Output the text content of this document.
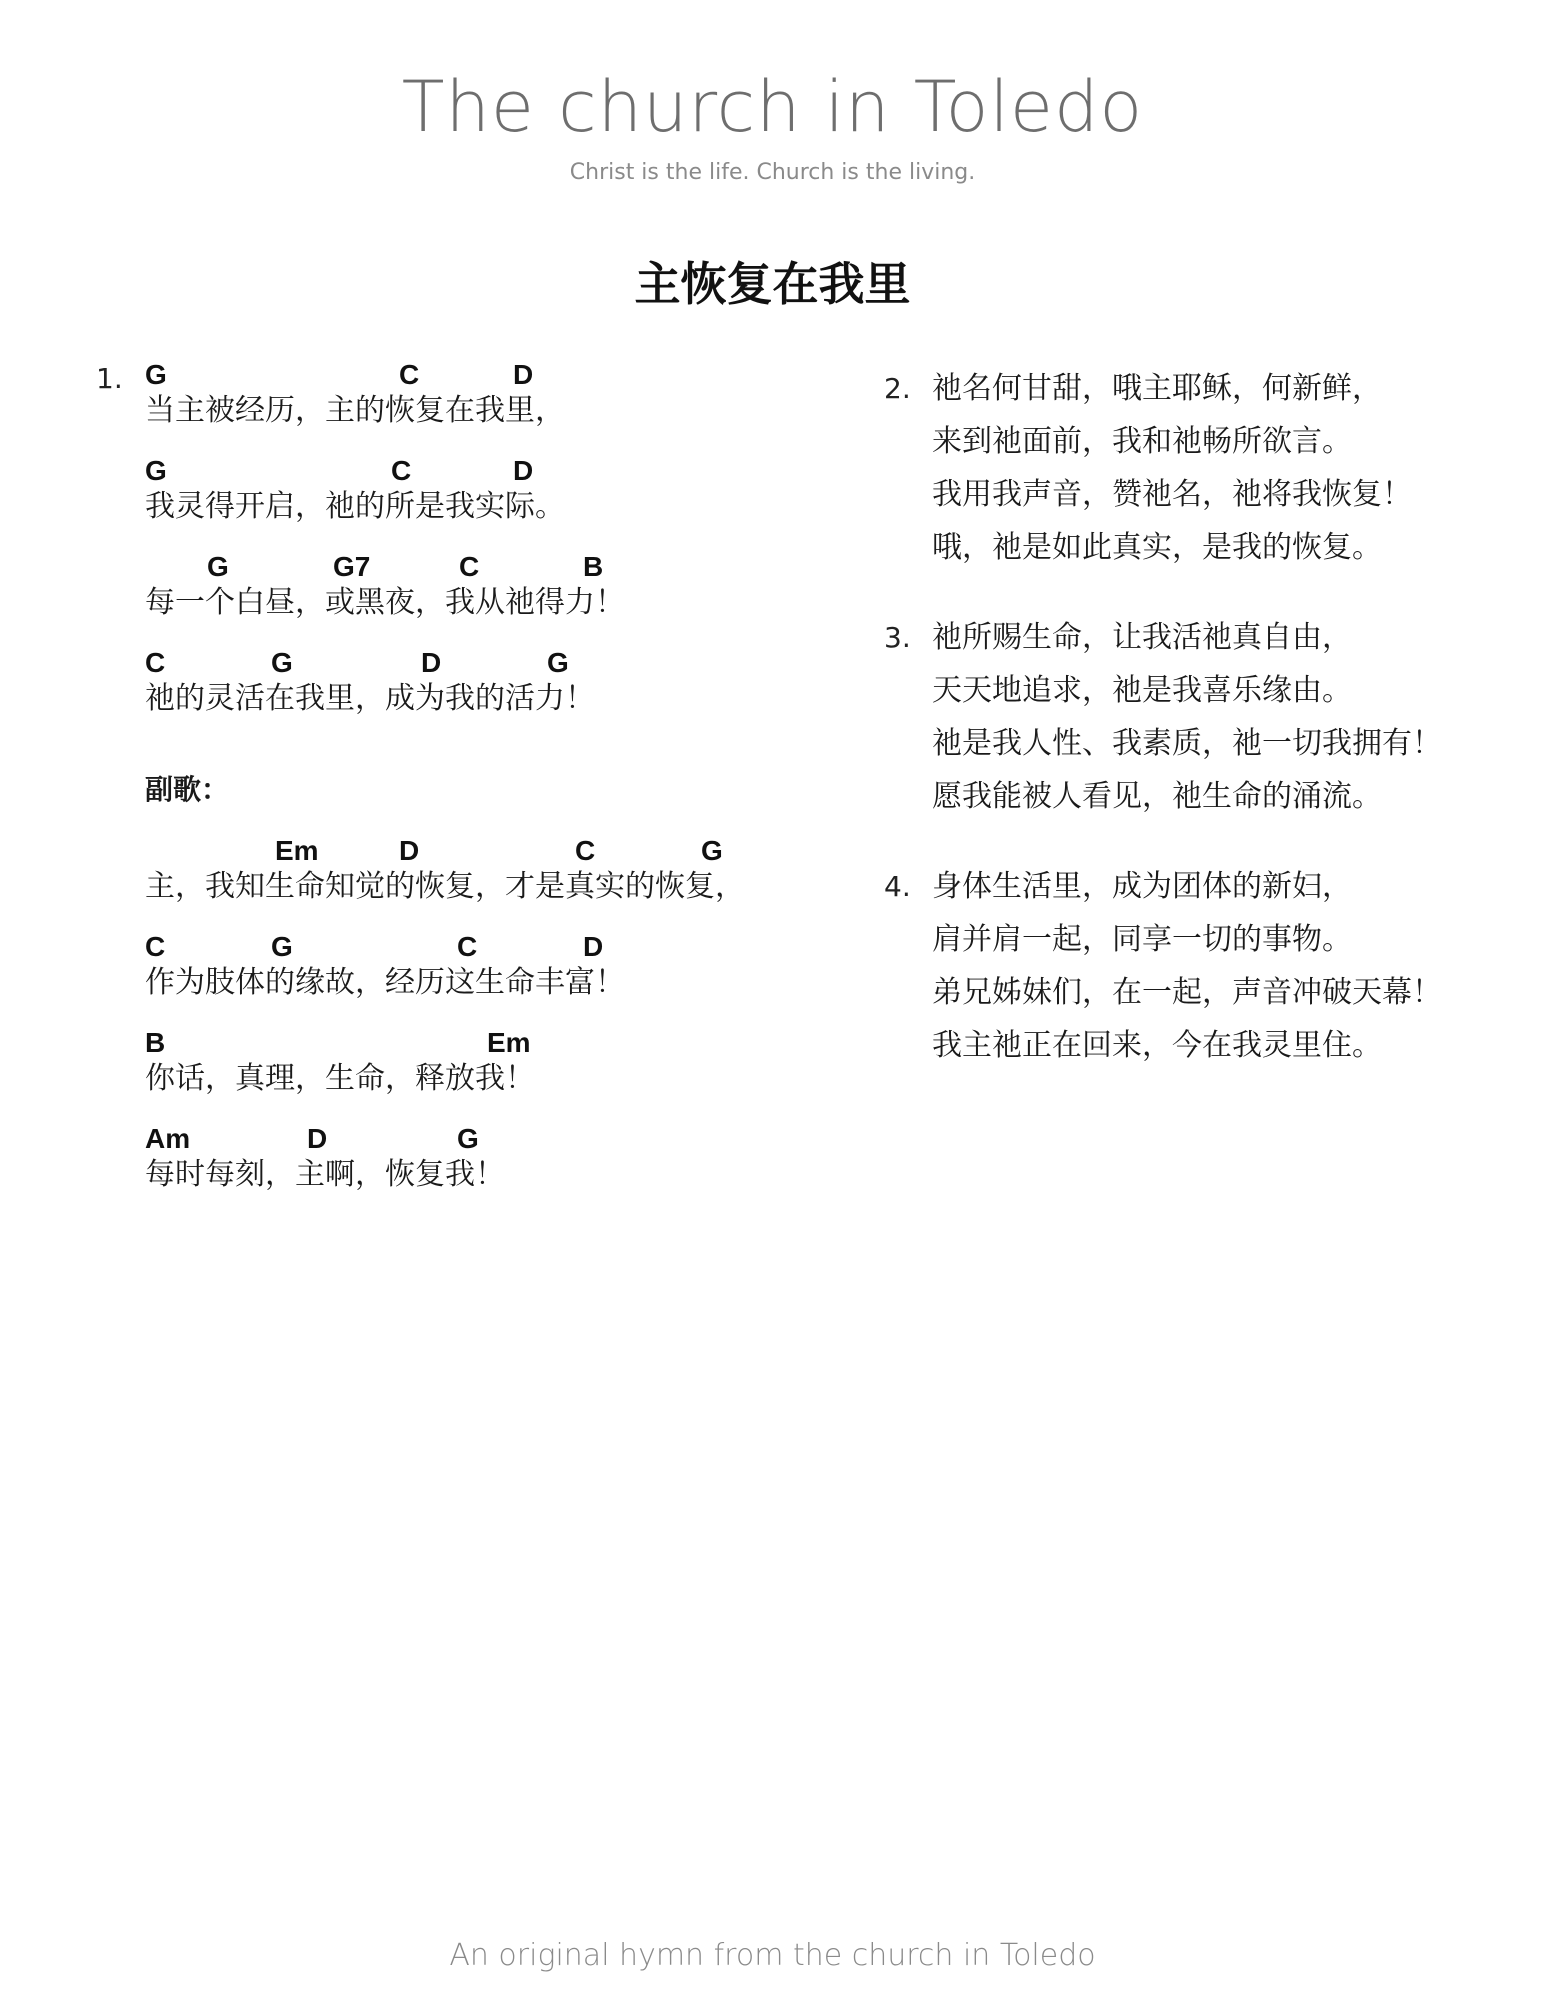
The church in Toledo
Christ is the life. Church is the living.
主恢复在我里
1. G	C	D
当主被经历，主的恢复在我里，
G	C	D
我灵得开启，祂的所是我实际。
G	G7	C	B
每一个白昼，或黑夜，我从祂得力！
C	G	D	G
祂的灵活在我里，成为我的活力！
副歌：
Em	D	C	G
主，我知生命知觉的恢复，才是真实的恢复，
C	G	C	D
作为肢体的缘故，经历这生命丰富！
B	Em
你话，真理，生命，释放我！
Am	D	G
每时每刻，主啊，恢复我！
2. 祂名何甘甜，哦主耶稣，何新鲜，
来到祂面前，我和祂畅所欲言。
我用我声音，赞祂名，祂将我恢复！
哦，祂是如此真实，是我的恢复。
3. 祂所赐生命，让我活祂真自由，
天天地追求，祂是我喜乐缘由。
祂是我人性、我素质，祂一切我拥有！
愿我能被人看见，祂生命的涌流。
4. 身体生活里，成为团体的新妇，
肩并肩一起，同享一切的事物。
弟兄姊妹们，在一起，声音冲破天幕！
我主祂正在回来，今在我灵里住。
An original hymn from the church in Toledo
